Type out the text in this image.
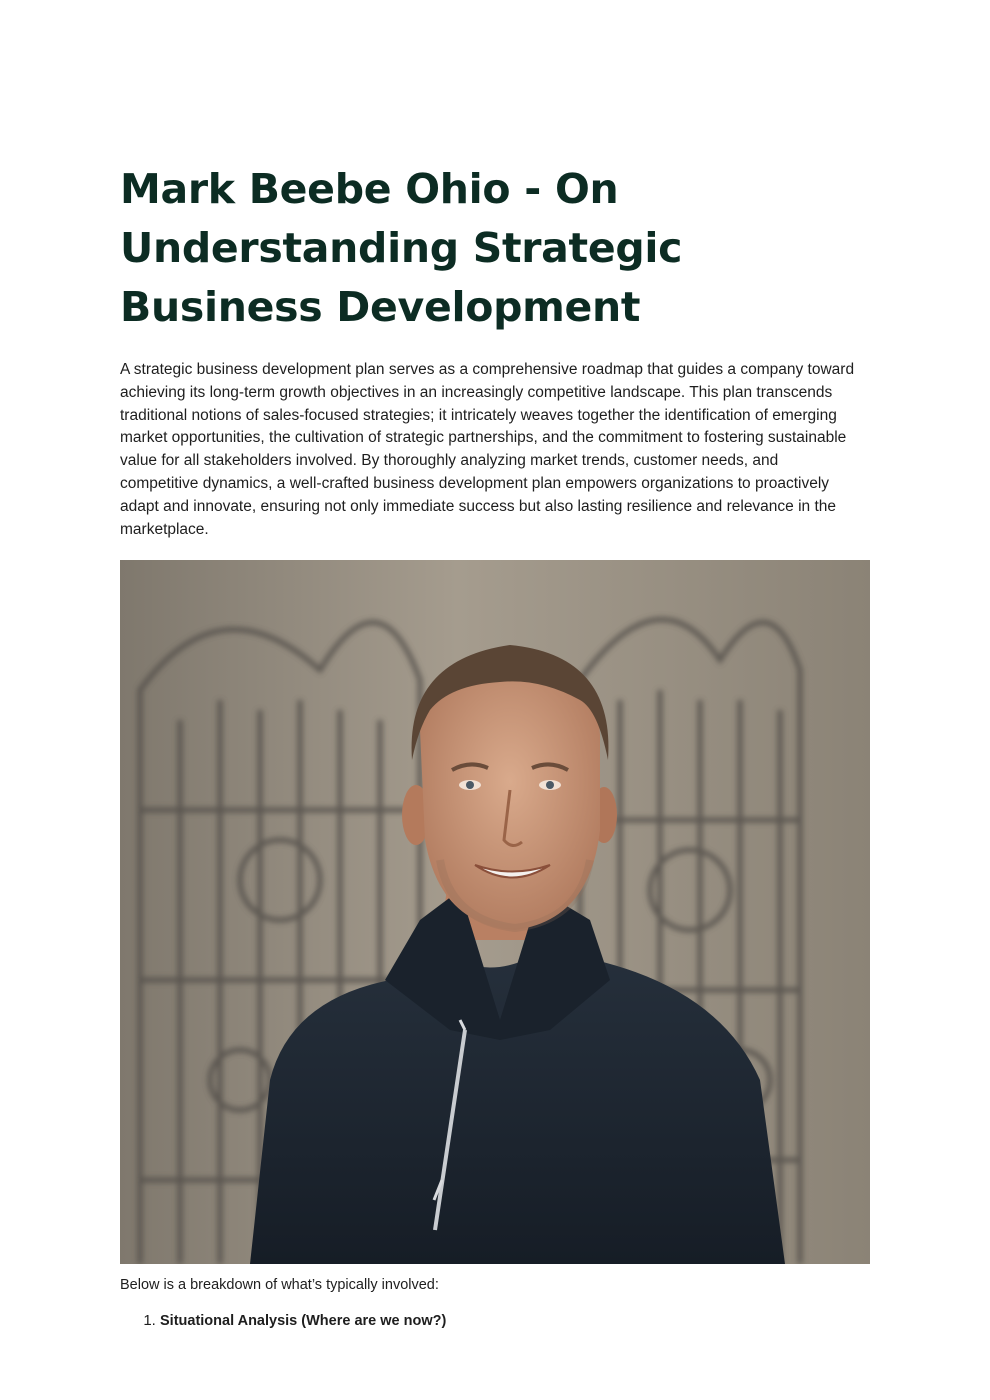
Mark Beebe Ohio - On Understanding Strategic Business Development

A strategic business development plan serves as a comprehensive roadmap that guides a company toward achieving its long-term growth objectives in an increasingly competitive landscape. This plan transcends traditional notions of sales-focused strategies; it intricately weaves together the identification of emerging market opportunities, the cultivation of strategic partnerships, and the commitment to fostering sustainable value for all stakeholders involved. By thoroughly analyzing market trends, customer needs, and competitive dynamics, a well-crafted business development plan empowers organizations to proactively adapt and innovate, ensuring not only immediate success but also lasting resilience and relevance in the marketplace.

Below is a breakdown of what’s typically involved:

1. Situational Analysis (Where are we now?)
